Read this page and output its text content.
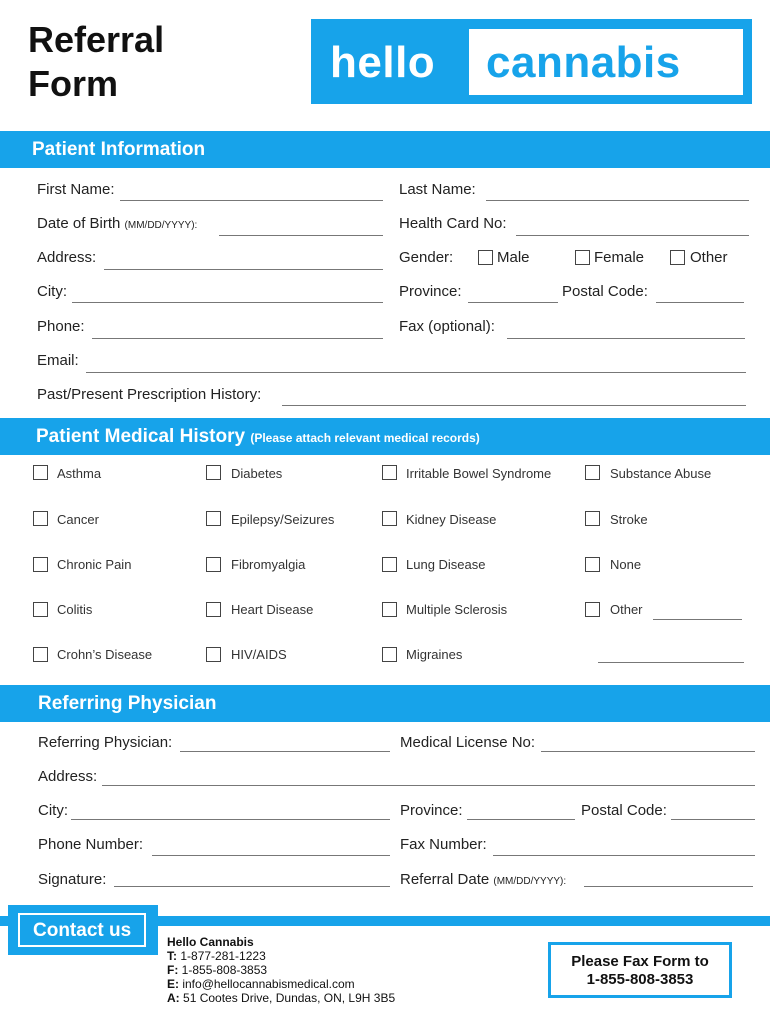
Referral
Form	hello cannabis
Patient Information
First Name:	Last Name:
Date of Birth (MM/DD/YYYY):	Health Card No:
Address:	Gender:	Male	Female	Other
City:	Province:	Postal Code:
Phone:	Fax (optional):
Email:
Past/Present Prescription History:
Patient Medical History (Please attach relevant medical records)
Asthma	Diabetes	Irritable Bowel Syndrome	Substance Abuse
Cancer	Epilepsy/Seizures	Kidney Disease	Stroke
Chronic Pain	Fibromyalgia	Lung Disease	None
Colitis	Heart Disease	Multiple Sclerosis	Other
Crohn’s Disease	HIV/AIDS	Migraines
Referring Physician
Referring Physician:	Medical License No:
Address:
City:	Province:	Postal Code:
Phone Number:	Fax Number:
Signature:	Referral Date (MM/DD/YYYY):
Contact us
Hello Cannabis
T: 1-877-281-1223
F: 1-855-808-3853
E: info@hellocannabismedical.com
A: 51 Cootes Drive, Dundas, ON, L9H 3B5
Please Fax Form to
1-855-808-3853
